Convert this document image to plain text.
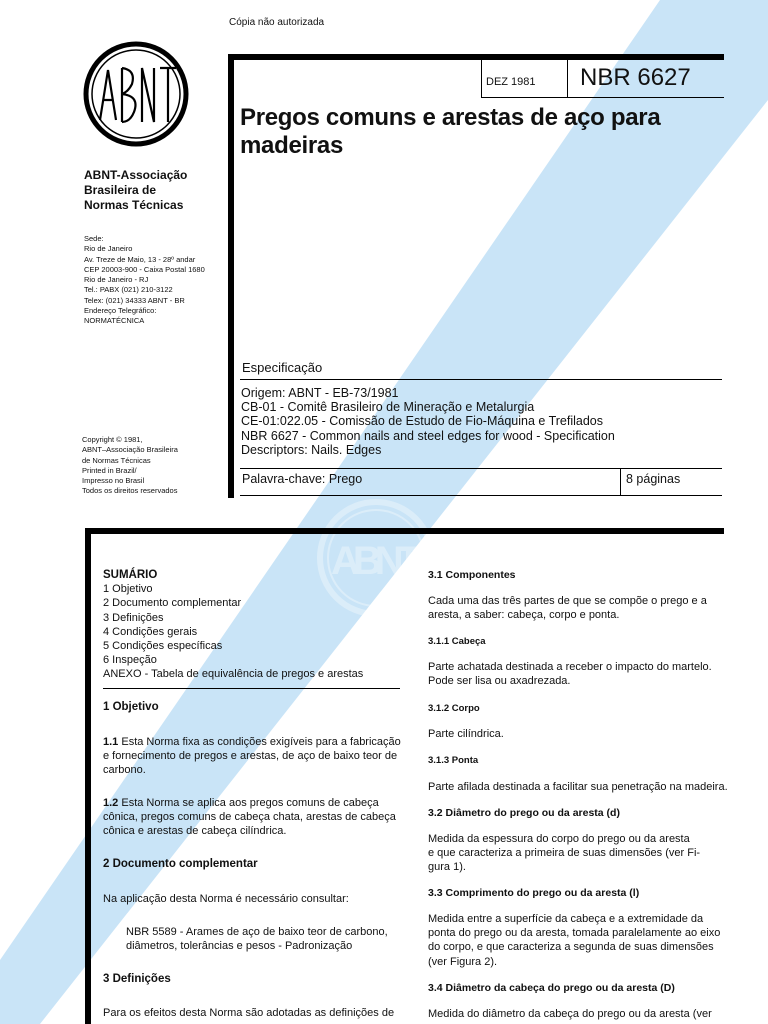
ABNT
Cópia não autorizada
ABNT-Associação
Brasileira de
Normas Técnicas
Sede:
Rio de Janeiro
Av. Treze de Maio, 13 - 28º andar
CEP 20003-900 - Caixa Postal 1680
Rio de Janeiro - RJ
Tel.: PABX (021) 210-3122
Telex: (021) 34333 ABNT - BR
Endereço Telegráfico:
NORMATÉCNICA
Copyright © 1981,
ABNT–Associação Brasileira
de Normas Técnicas
Printed in Brazil/
Impresso no Brasil
Todos os direitos reservados
DEZ 1981 NBR 6627
Pregos comuns e arestas de aço para
madeiras
Especificação
Origem: ABNT - EB-73/1981
CB-01 - Comitê Brasileiro de Mineração e Metalurgia
CE-01:022.05 - Comissão de Estudo de Fio-Máquina e Trefilados
NBR 6627 - Common nails and steel edges for wood - Specification
Descriptors: Nails. Edges
Palavra-chave: Prego	8 páginas
SUMÁRIO
1 Objetivo
2 Documento complementar
3 Definições
4 Condições gerais
5 Condições específicas
6 Inspeção
ANEXO - Tabela de equivalência de pregos e arestas
1 Objetivo
1.1 Esta Norma fixa as condições exigíveis para a fabricação
e fornecimento de pregos e arestas, de aço de baixo teor de
carbono.
1.2 Esta Norma se aplica aos pregos comuns de cabeça
cônica, pregos comuns de cabeça chata, arestas de cabeça
cônica e arestas de cabeça cilíndrica.
2 Documento complementar
Na aplicação desta Norma é necessário consultar:
NBR 5589 - Arames de aço de baixo teor de carbono,
diâmetros, tolerâncias e pesos - Padronização
3 Definições
Para os efeitos desta Norma são adotadas as definições de
3.1 Componentes
Cada uma das três partes de que se compõe o prego e a
aresta, a saber: cabeça, corpo e ponta.
3.1.1 Cabeça
Parte achatada destinada a receber o impacto do martelo.
Pode ser lisa ou axadrezada.
3.1.2 Corpo
Parte cilíndrica.
3.1.3 Ponta
Parte afilada destinada a facilitar sua penetração na madeira.
3.2 Diâmetro do prego ou da aresta (d)
Medida da espessura do corpo do prego ou da aresta
e que caracteriza a primeira de suas dimensões (ver Fi-
gura 1).
3.3 Comprimento do prego ou da aresta (l)
Medida entre a superfície da cabeça e a extremidade da
ponta do prego ou da aresta, tomada paralelamente ao eixo
do corpo, e que caracteriza a segunda de suas dimensões
(ver Figura 2).
3.4 Diâmetro da cabeça do prego ou da aresta (D)
Medida do diâmetro da cabeça do prego ou da aresta (ver
